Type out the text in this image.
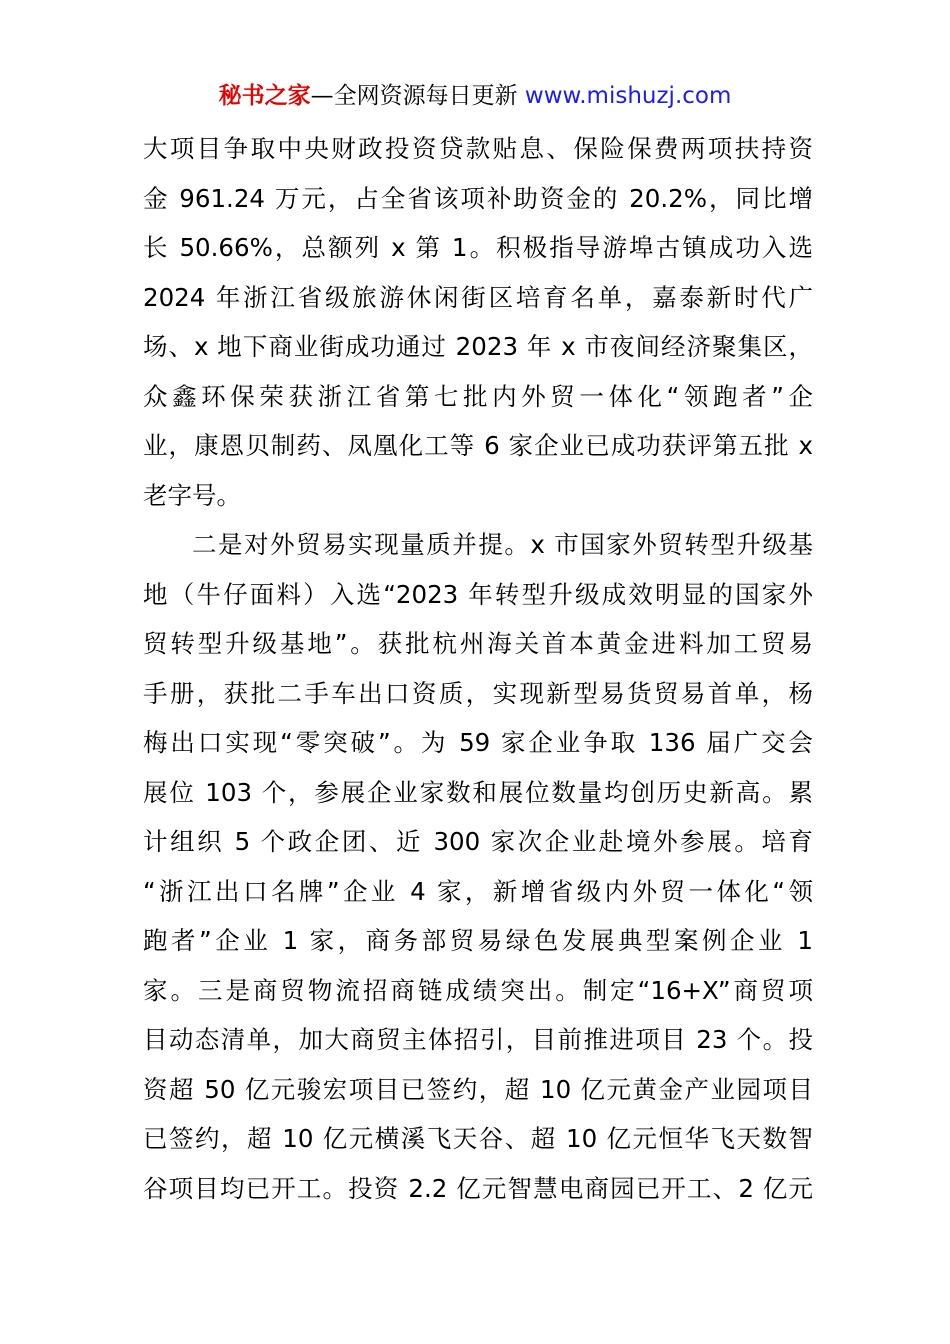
秘书之家—全网资源每日更新 www.mishuzj.com
大项目争取中央财政投资贷款贴息、保险保费两项扶持资
金 961.24 万元，占全省该项补助资金的 20.2%，同比增
长 50.66%，总额列 x 第 1。积极指导游埠古镇成功入选
2024 年浙江省级旅游休闲街区培育名单，嘉泰新时代广
场、x 地下商业街成功通过 2023 年 x 市夜间经济聚集区，
众鑫环保荣获浙江省第七批内外贸一体化“领跑者”企
业，康恩贝制药、凤凰化工等 6 家企业已成功获评第五批 x
老字号。
二是对外贸易实现量质并提。x 市国家外贸转型升级基
地（牛仔面料）入选“2023 年转型升级成效明显的国家外
贸转型升级基地”。获批杭州海关首本黄金进料加工贸易
手册，获批二手车出口资质，实现新型易货贸易首单，杨
梅出口实现“零突破”。为 59 家企业争取 136 届广交会
展位 103 个，参展企业家数和展位数量均创历史新高。累
计组织 5 个政企团、近 300 家次企业赴境外参展。培育
“浙江出口名牌”企业 4 家，新增省级内外贸一体化“领
跑者”企业 1 家，商务部贸易绿色发展典型案例企业 1
家。三是商贸物流招商链成绩突出。制定“16+X”商贸项
目动态清单，加大商贸主体招引，目前推进项目 23 个。投
资超 50 亿元骏宏项目已签约，超 10 亿元黄金产业园项目
已签约，超 10 亿元横溪飞天谷、超 10 亿元恒华飞天数智
谷项目均已开工。投资 2.2 亿元智慧电商园已开工、2 亿元
